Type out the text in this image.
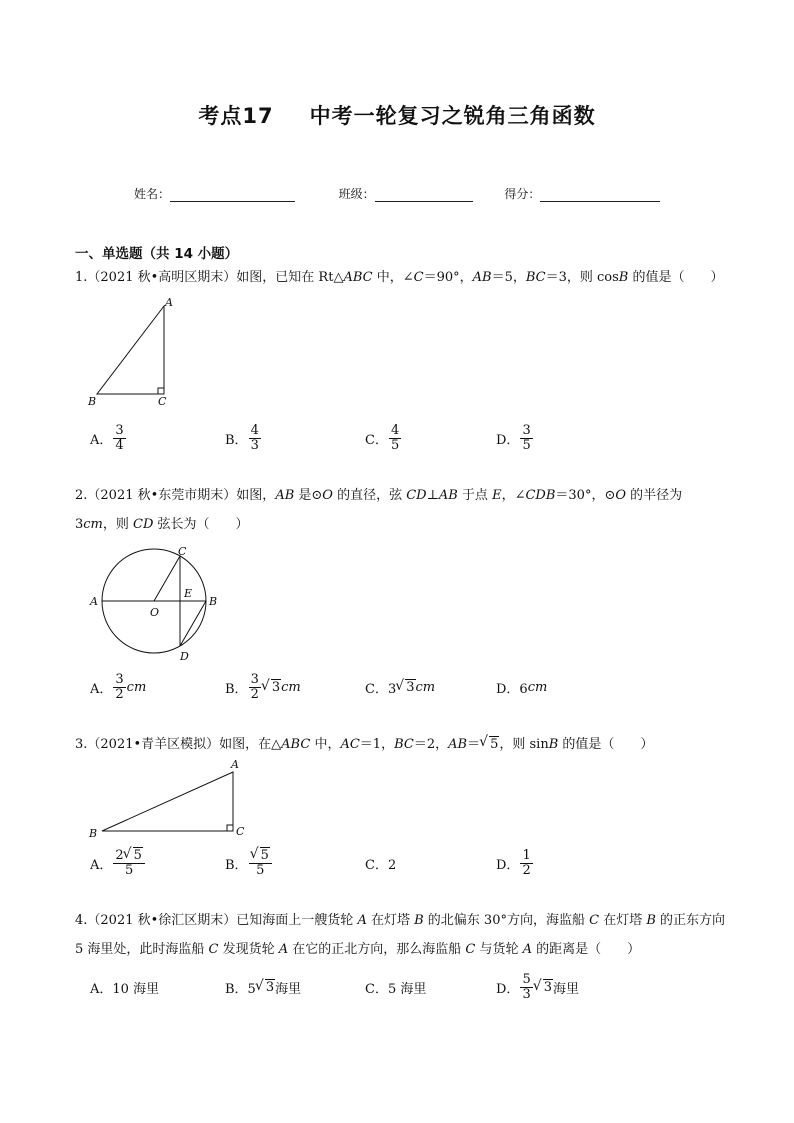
考点17 中考一轮复习之锐角三角函数
姓名：	班级：	得分：
一、单选题（共 14 小题）
1.（2021 秋•高明区期末）如图，已知在 Rt△ABC 中，∠C＝90°，AB＝5，BC＝3，则 cosB 的值是（　　）
A
B	C
A． $\frac{3}{4}$	B． $\frac{4}{3}$	C． $\frac{4}{5}$	D． $\frac{3}{5}$
2.（2021 秋•东莞市期末）如图，AB 是⊙O 的直径，弦 CD⊥AB 于点 E，∠CDB＝30°，⊙O 的半径为
3cm，则 CD 弦长为（　　）
C
A
O
E
B
D
A． $\frac{3}{2}$ cm	B． $\frac{3}{2}$ √ 3 cm	C．3 √ 3 cm	D．6 cm
3.（2021•青羊区模拟）如图，在△ABC 中，AC＝1，BC＝2，AB＝ √ 5，则 sinB 的值是（　　）
A
B	C
A． $\frac{2 √ 5}{5}$	B． √ $\frac{5}{5}$	C．2	D． $\frac{1}{2}$
4.（2021 秋•徐汇区期末）已知海面上一艘货轮 A 在灯塔 B 的北偏东 30°方向，海监船 C 在灯塔 B 的正东方向 5 海里处，此时海监船 C 发现货轮 A 在它的正北方向，那么海监船 C 与货轮 A 的距离是（　　）
A．10 海里	B．5 √ 3 海里	C．5 海里	D． $\frac{5}{3}$ √ 3 海里
